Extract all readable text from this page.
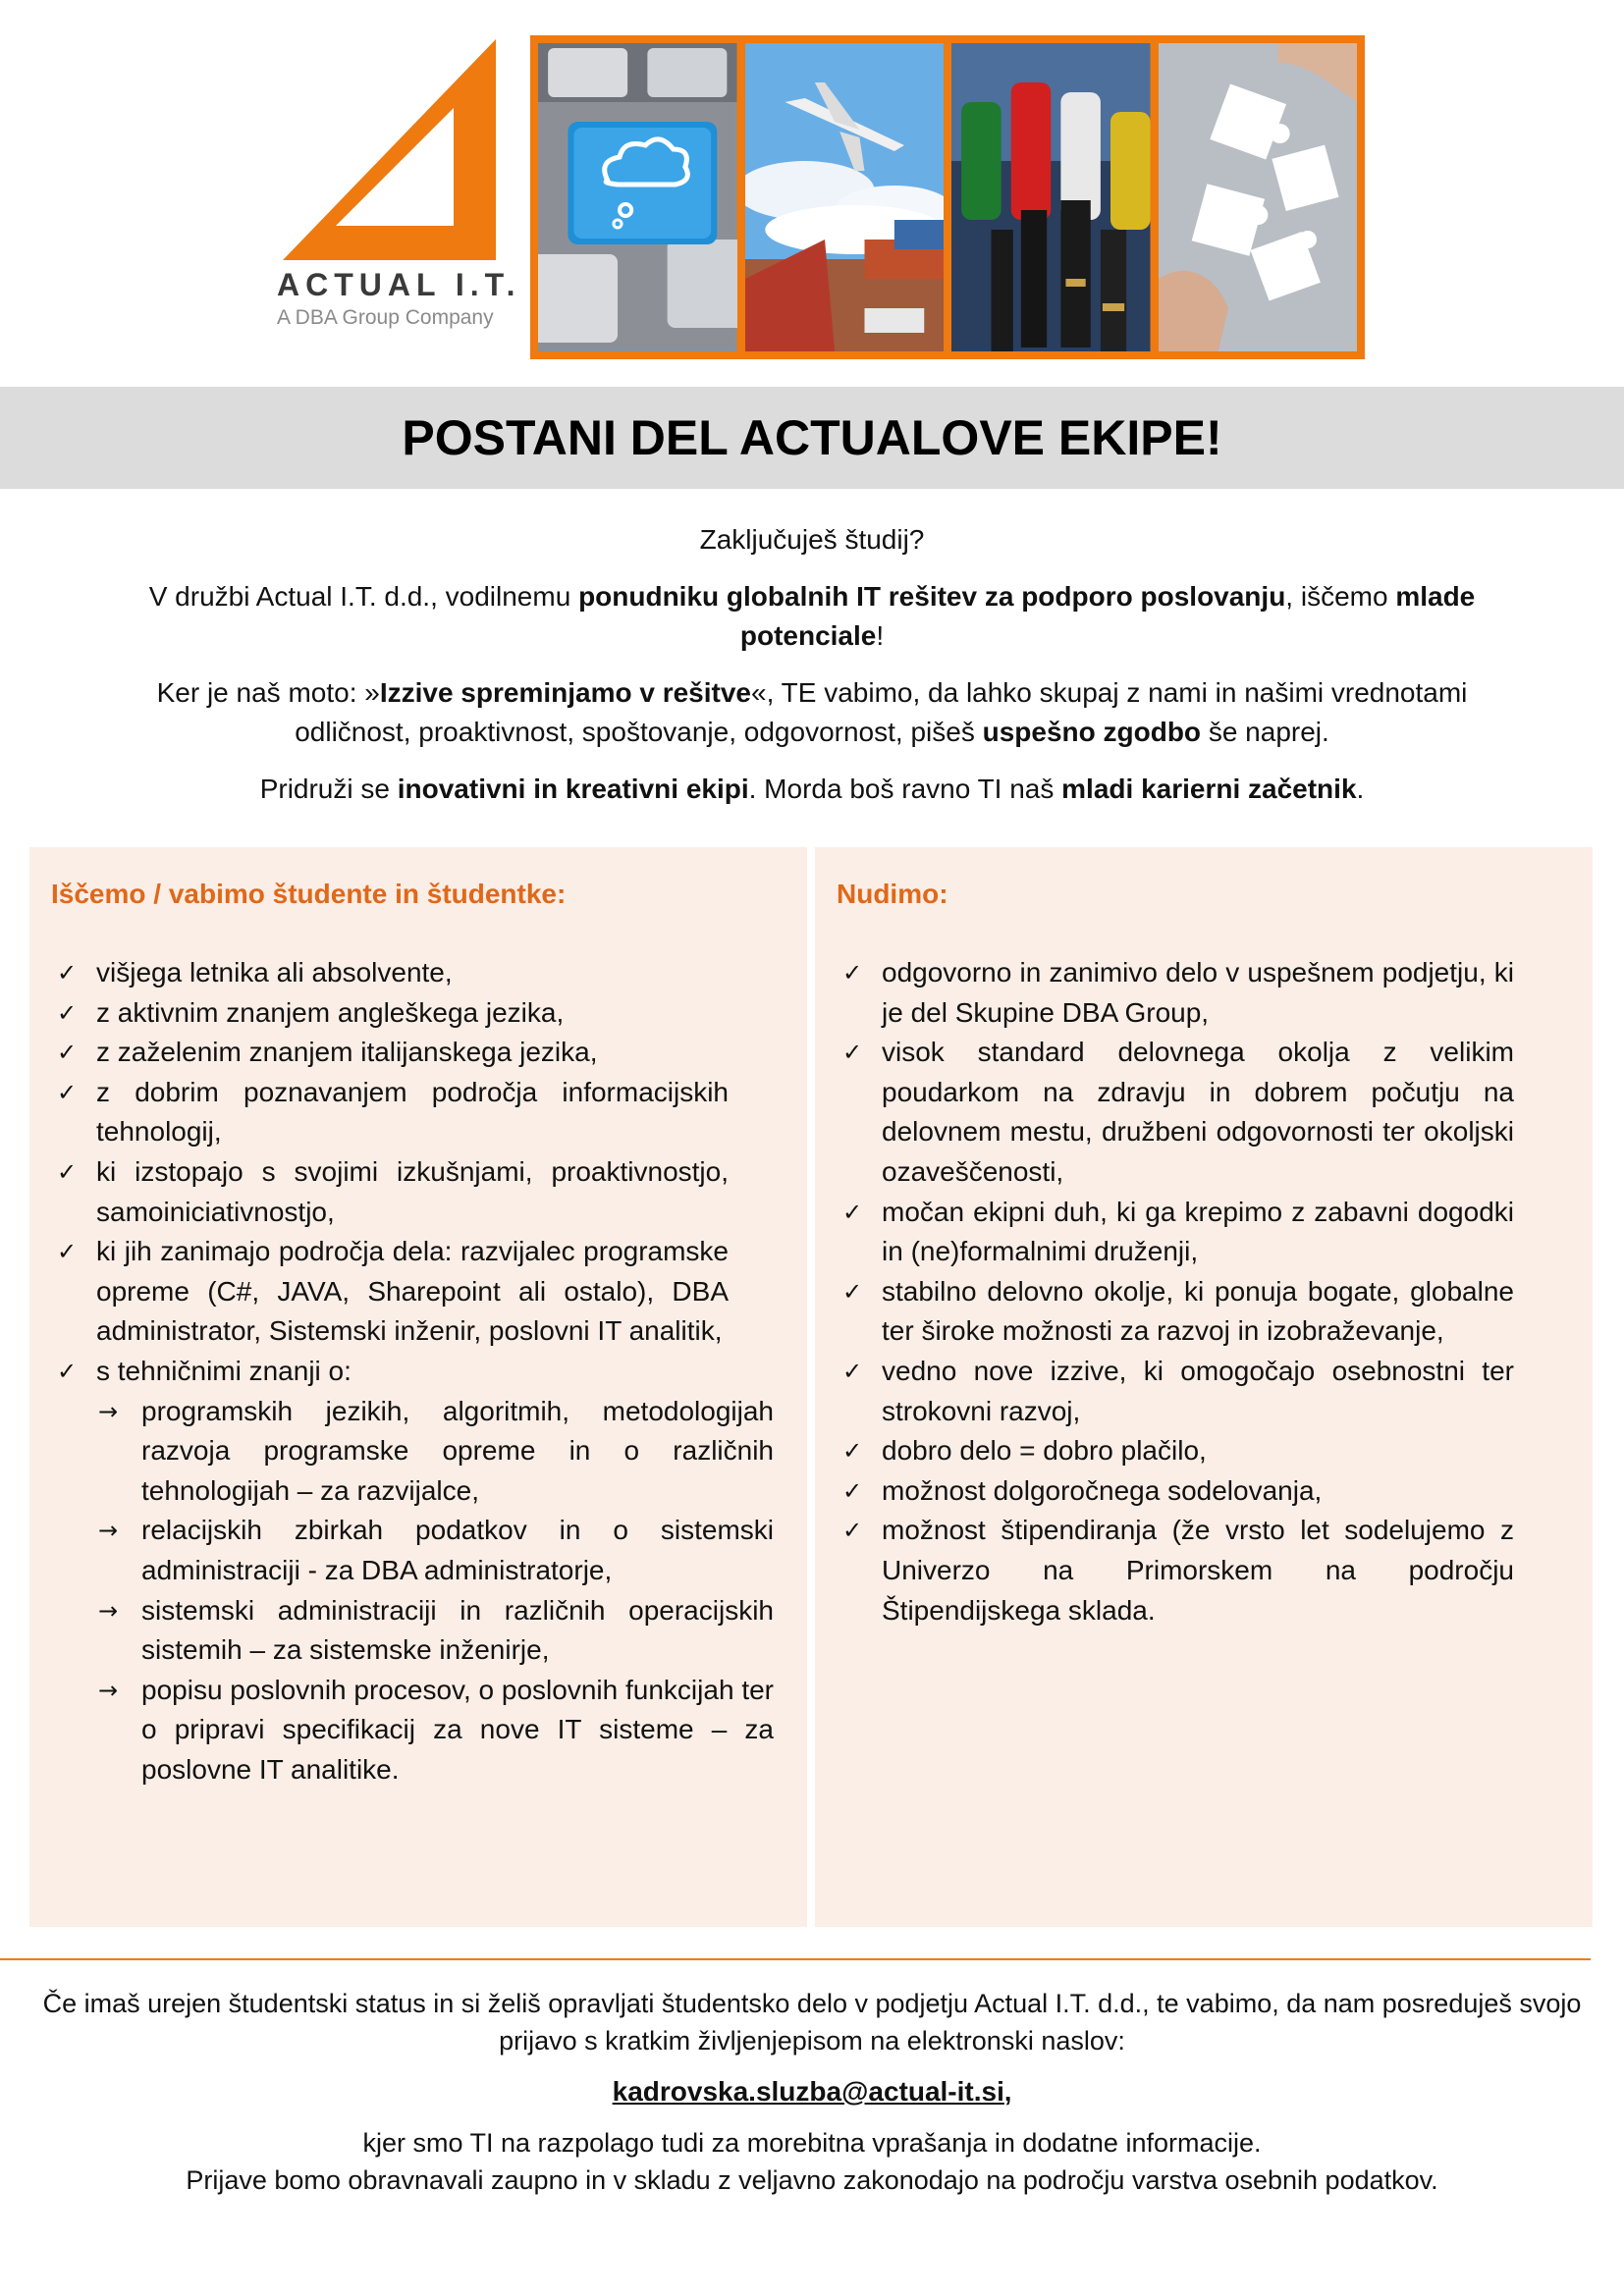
ACTUAL I.T.
A DBA Group Company
POSTANI DEL ACTUALOVE EKIPE!

Zaključuješ študij?

V družbi Actual I.T. d.d., vodilnemu ponudniku globalnih IT rešitev za podporo poslovanju, iščemo mlade potenciale!

Ker je naš moto: »Izzive spreminjamo v rešitve«, TE vabimo, da lahko skupaj z nami in našimi vrednotami odličnost, proaktivnost, spoštovanje, odgovornost, pišeš uspešno zgodbo še naprej.

Pridruži se inovativni in kreativni ekipi. Morda boš ravno TI naš mladi karierni začetnik.

Iščemo / vabimo študente in študentke:
✓ višjega letnika ali absolvente,
✓ z aktivnim znanjem angleškega jezika,
✓ z zaželenim znanjem italijanskega jezika,
✓ z dobrim poznavanjem področja informacijskih tehnologij,
✓ ki izstopajo s svojimi izkušnjami, proaktivnostjo, samoiniciativnostjo,
✓ ki jih zanimajo področja dela: razvijalec programske opreme (C#, JAVA, Sharepoint ali ostalo), DBA administrator, Sistemski inženir, poslovni IT analitik,
✓ s tehničnimi znanji o:
→ programskih jezikih, algoritmih, metodologijah razvoja programske opreme in o različnih tehnologijah – za razvijalce,
→ relacijskih zbirkah podatkov in o sistemski administraciji - za DBA administratorje,
→ sistemski administraciji in različnih operacijskih sistemih – za sistemske inženirje,
→ popisu poslovnih procesov, o poslovnih funkcijah ter o pripravi specifikacij za nove IT sisteme – za poslovne IT analitike.
Nudimo:
✓ odgovorno in zanimivo delo v uspešnem podjetju, ki je del Skupine DBA Group,
✓ visok standard delovnega okolja z velikim poudarkom na zdravju in dobrem počutju na delovnem mestu, družbeni odgovornosti ter okoljski ozaveščenosti,
✓ močan ekipni duh, ki ga krepimo z zabavni dogodki in (ne)formalnimi druženji,
✓ stabilno delovno okolje, ki ponuja bogate, globalne ter široke možnosti za razvoj in izobraževanje,
✓ vedno nove izzive, ki omogočajo osebnostni ter strokovni razvoj,
✓ dobro delo = dobro plačilo,
✓ možnost dolgoročnega sodelovanja,
✓ možnost štipendiranja (že vrsto let sodelujemo z Univerzo na Primorskem na področju Štipendijskega sklada.

Če imaš urejen študentski status in si želiš opravljati študentsko delo v podjetju Actual I.T. d.d., te vabimo, da nam posreduješ svojo prijavo s kratkim življenjepisom na elektronski naslov:

kadrovska.sluzba@actual-it.si,

kjer smo TI na razpolago tudi za morebitna vprašanja in dodatne informacije.

Prijave bomo obravnavali zaupno in v skladu z veljavno zakonodajo na področju varstva osebnih podatkov.
